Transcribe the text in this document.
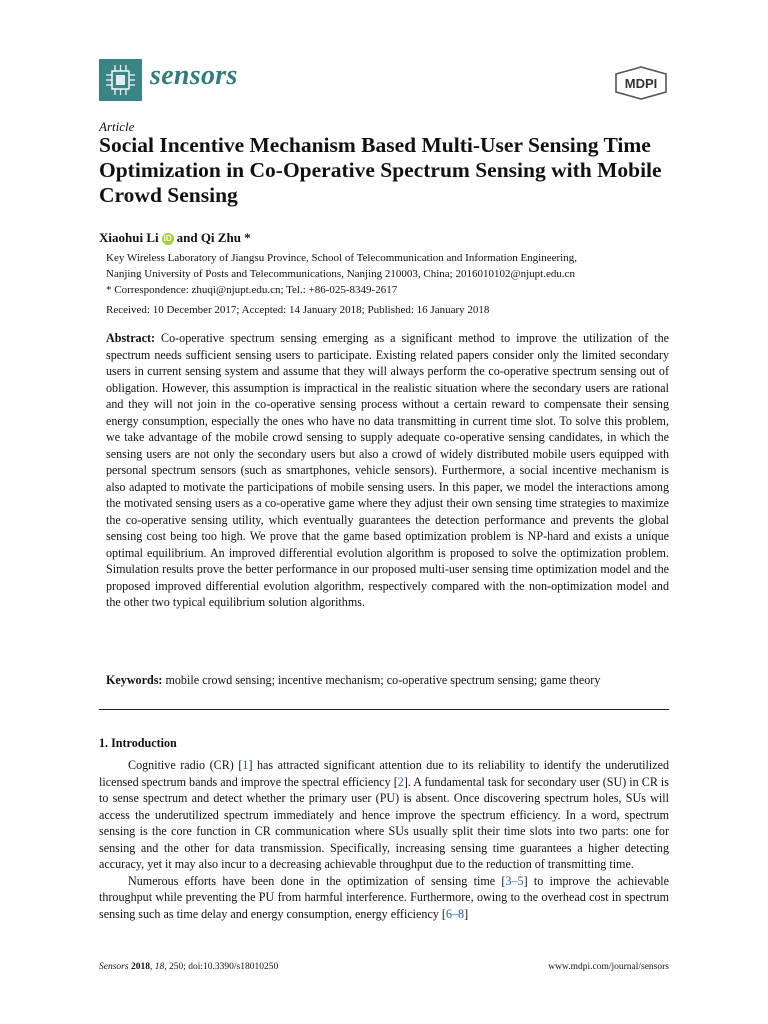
sensors	MDPI
Article
Social Incentive Mechanism Based Multi-User Sensing Time Optimization in Co-Operative Spectrum Sensing with Mobile Crowd Sensing
Xiaohui Li iD and Qi Zhu *
Key Wireless Laboratory of Jiangsu Province, School of Telecommunication and Information Engineering,
Nanjing University of Posts and Telecommunications, Nanjing 210003, China; 2016010102@njupt.edu.cn
* Correspondence: zhuqi@njupt.edu.cn; Tel.: +86-025-8349-2617
Received: 10 December 2017; Accepted: 14 January 2018; Published: 16 January 2018
Abstract: Co-operative spectrum sensing emerging as a significant method to improve the utilization of the spectrum needs sufficient sensing users to participate. Existing related papers consider only the limited secondary users in current sensing system and assume that they will always perform the co-operative spectrum sensing out of obligation. However, this assumption is impractical in the realistic situation where the secondary users are rational and they will not join in the co-operative sensing process without a certain reward to compensate their sensing energy consumption, especially the ones who have no data transmitting in current time slot. To solve this problem, we take advantage of the mobile crowd sensing to supply adequate co-operative sensing candidates, in which the sensing users are not only the secondary users but also a crowd of widely distributed mobile users equipped with personal spectrum sensors (such as smartphones, vehicle sensors). Furthermore, a social incentive mechanism is also adapted to motivate the participations of mobile sensing users. In this paper, we model the interactions among the motivated sensing users as a co-operative game where they adjust their own sensing time strategies to maximize the co-operative sensing utility, which eventually guarantees the detection performance and prevents the global sensing cost being too high. We prove that the game based optimization problem is NP-hard and exists a unique optimal equilibrium. An improved differential evolution algorithm is proposed to solve the optimization problem. Simulation results prove the better performance in our proposed multi-user sensing time optimization model and the proposed improved differential evolution algorithm, respectively compared with the non-optimization model and the other two typical equilibrium solution algorithms.
Keywords: mobile crowd sensing; incentive mechanism; co-operative spectrum sensing; game theory
1. Introduction

Cognitive radio (CR) [1] has attracted significant attention due to its reliability to identify the underutilized licensed spectrum bands and improve the spectral efficiency [2]. A fundamental task for secondary user (SU) in CR is to sense spectrum and detect whether the primary user (PU) is absent. Once discovering spectrum holes, SUs will access the underutilized spectrum immediately and hence improve the spectrum efficiency. In a word, spectrum sensing is the core function in CR communication where SUs usually split their time slots into two parts: one for sensing and the other for data transmission. Specifically, increasing sensing time guarantees a higher detecting accuracy, yet it may also incur to a decreasing achievable throughput due to the reduction of transmitting time.

Numerous efforts have been done in the optimization of sensing time [3–5] to improve the achievable throughput while preventing the PU from harmful interference. Furthermore, owing to the overhead cost in spectrum sensing such as time delay and energy consumption, energy efficiency [6–8]

Sensors 2018, 18, 250; doi:10.3390/s18010250	www.mdpi.com/journal/sensors
